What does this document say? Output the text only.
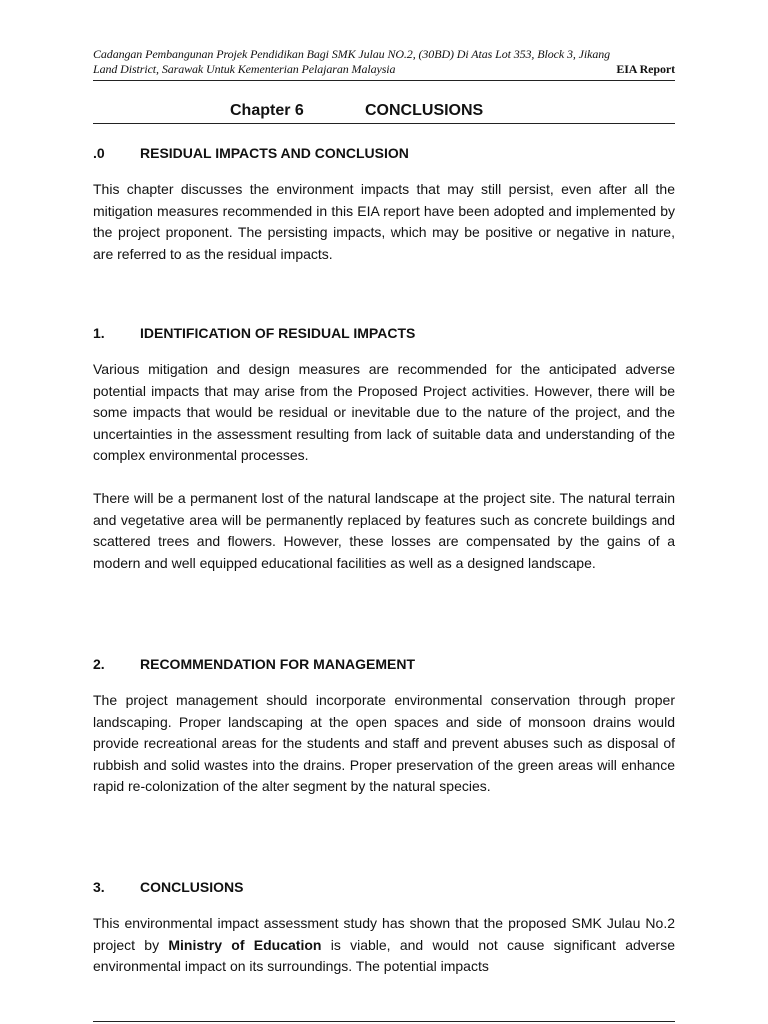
Cadangan Pembangunan Projek Pendidikan Bagi SMK Julau NO.2, (30BD) Di Atas Lot 353, Block 3, Jikang
Land District, Sarawak Untuk Kementerian Pelajaran Malaysia	EIA Report
Chapter 6	CONCLUSIONS
.0	RESIDUAL IMPACTS AND CONCLUSION

This chapter discusses the environment impacts that may still persist, even after all the mitigation measures recommended in this EIA report have been adopted and implemented by the project proponent. The persisting impacts, which may be positive or negative in nature, are referred to as the residual impacts.

1.	IDENTIFICATION OF RESIDUAL IMPACTS

Various mitigation and design measures are recommended for the anticipated adverse potential impacts that may arise from the Proposed Project activities. However, there will be some impacts that would be residual or inevitable due to the nature of the project, and the uncertainties in the assessment resulting from lack of suitable data and understanding of the complex environmental processes.

There will be a permanent lost of the natural landscape at the project site. The natural terrain and vegetative area will be permanently replaced by features such as concrete buildings and scattered trees and flowers. However, these losses are compensated by the gains of a modern and well equipped educational facilities as well as a designed landscape.

2.	RECOMMENDATION FOR MANAGEMENT

The project management should incorporate environmental conservation through proper landscaping. Proper landscaping at the open spaces and side of monsoon drains would provide recreational areas for the students and staff and prevent abuses such as disposal of rubbish and solid wastes into the drains. Proper preservation of the green areas will enhance rapid re-colonization of the alter segment by the natural species.

3.	CONCLUSIONS

This environmental impact assessment study has shown that the proposed SMK Julau No.2 project by Ministry of Education is viable, and would not cause significant adverse environmental impact on its surroundings. The potential impacts
